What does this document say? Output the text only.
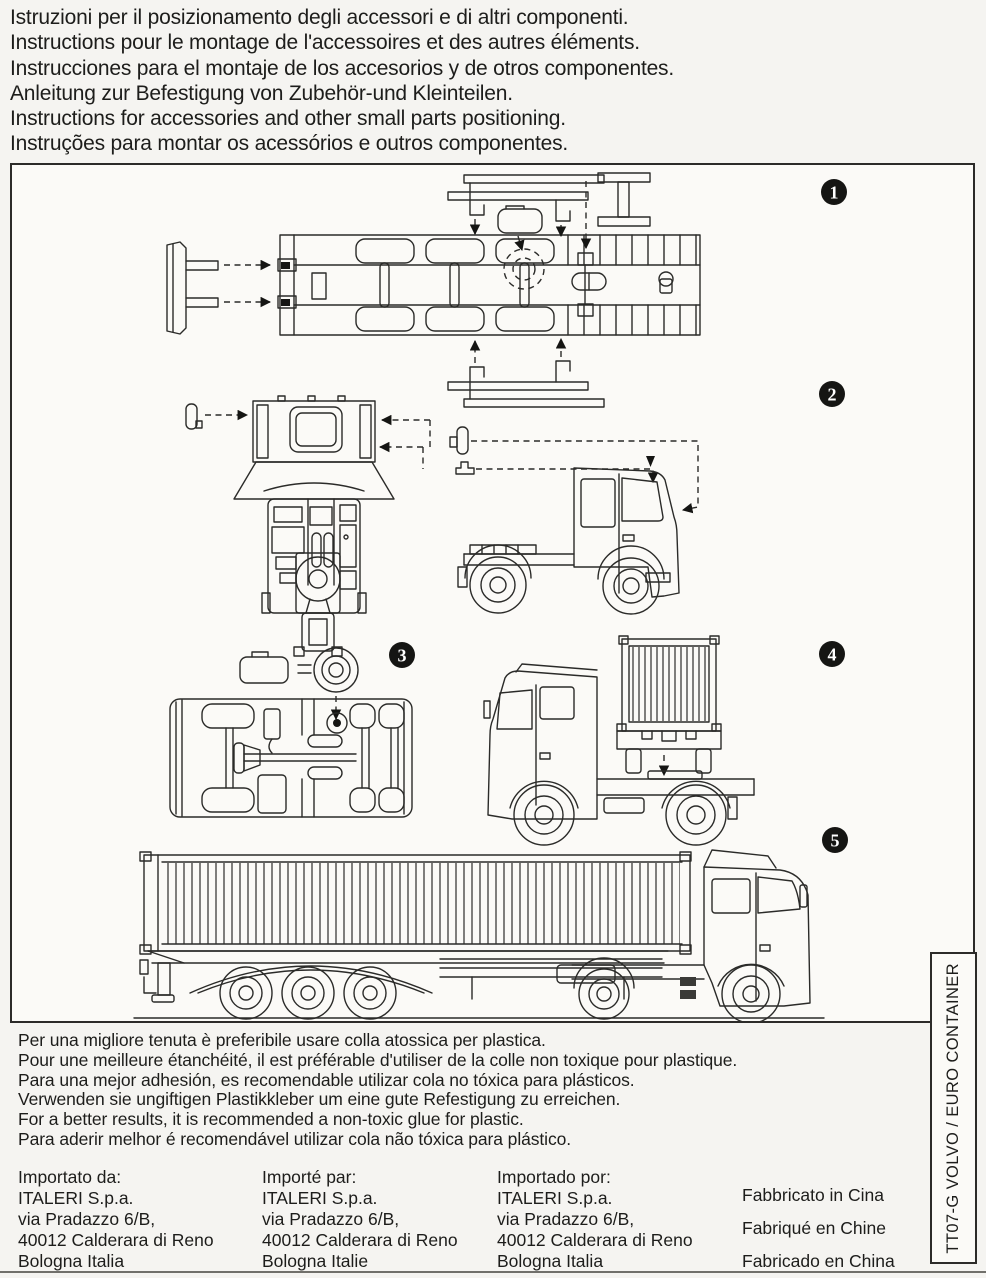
Istruzioni per il posizionamento degli accessori e di altri componenti.
Instructions pour le montage de l'accessoires et des autres éléments.
Instrucciones para el montaje de los accesorios y de otros componentes.
Anleitung zur Befestigung von Zubehör-und Kleinteilen.
Instructions for accessories and other small parts positioning.
Instruções para montar os acessórios e outros componentes.
1
2
3	4
5
TT07-G VOLVO / EURO CONTAINER
Per una migliore tenuta è preferibile usare colla atossica per plastica.
Pour une meilleure étanchéité, il est préférable d'utiliser de la colle non toxique pour plastique.
Para una mejor adhesión, es recomendable utilizar cola no tóxica para plásticos.
Verwenden sie ungiftigen Plastikkleber um eine gute Refestigung zu erreichen.
For a better results, it is recommended a non-toxic glue for plastic.
Para aderir melhor é recomendável utilizar cola não tóxica para plástico.
Importato da:
ITALERI S.p.a.
via Pradazzo 6/B,
40012 Calderara di Reno
Bologna Italia
Importé par:
ITALERI S.p.a.
via Pradazzo 6/B,
40012 Calderara di Reno
Bologna Italie
Importado por:
ITALERI S.p.a.
via Pradazzo 6/B,
40012 Calderara di Reno
Bologna Italia
Fabbricato in Cina
Fabriqué en Chine
Fabricado en China
